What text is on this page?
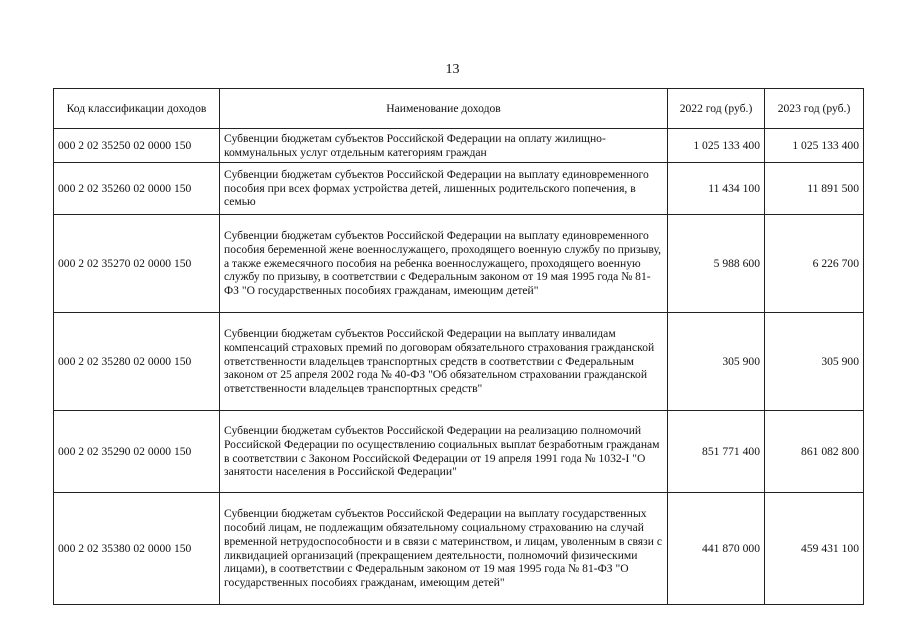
13
Код классификации доходов	Наименование доходов	2022 год (руб.)	2023 год (руб.)
000 2 02 35250 02 0000 150	Субвенции бюджетам субъектов Российской Федерации на оплату жилищно-коммунальных услуг отдельным категориям граждан	1 025 133 400	1 025 133 400
000 2 02 35260 02 0000 150	Субвенции бюджетам субъектов Российской Федерации на выплату единовременного пособия при всех формах устройства детей, лишенных родительского попечения, в семью	11 434 100	11 891 500
000 2 02 35270 02 0000 150	Субвенции бюджетам субъектов Российской Федерации на выплату единовременного пособия беременной жене военнослужащего, проходящего военную службу по призыву, а также ежемесячного пособия на ребенка военнослужащего, проходящего военную службу по призыву, в соответствии с Федеральным законом от 19 мая 1995 года № 81-ФЗ "О государственных пособиях гражданам, имеющим детей"	5 988 600	6 226 700
000 2 02 35280 02 0000 150	Субвенции бюджетам субъектов Российской Федерации на выплату инвалидам компенсаций страховых премий по договорам обязательного страхования гражданской ответственности владельцев транспортных средств в соответствии с Федеральным законом от 25 апреля 2002 года № 40-ФЗ "Об обязательном страховании гражданской ответственности владельцев транспортных средств"	305 900	305 900
000 2 02 35290 02 0000 150	Субвенции бюджетам субъектов Российской Федерации на реализацию полномочий Российской Федерации по осуществлению социальных выплат безработным гражданам в соответствии с Законом Российской Федерации от 19 апреля 1991 года № 1032-I "О занятости населения в Российской Федерации"	851 771 400	861 082 800
000 2 02 35380 02 0000 150	Субвенции бюджетам субъектов Российской Федерации на выплату государственных пособий лицам, не подлежащим обязательному социальному страхованию на случай временной нетрудоспособности и в связи с материнством, и лицам, уволенным в связи с ликвидацией организаций (прекращением деятельности, полномочий физическими лицами), в соответствии с Федеральным законом от 19 мая 1995 года № 81-ФЗ "О государственных пособиях гражданам, имеющим детей"	441 870 000	459 431 100
